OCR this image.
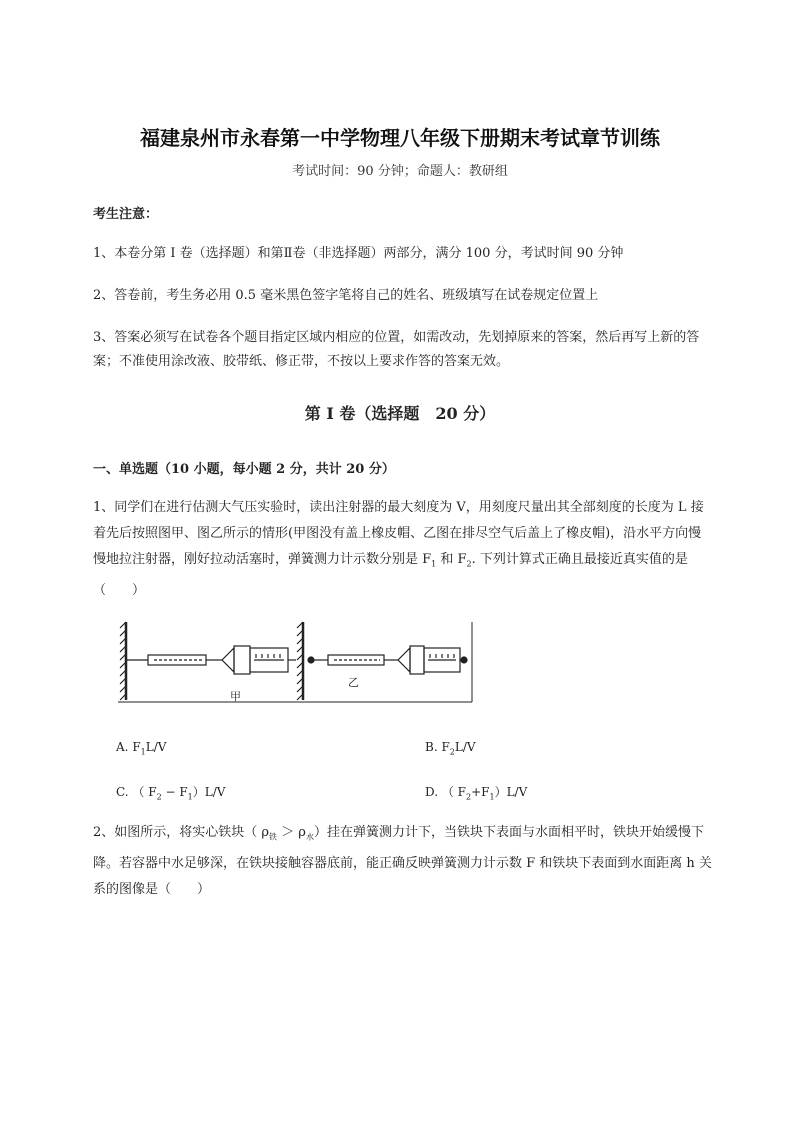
福建泉州市永春第一中学物理八年级下册期末考试章节训练
考试时间：90 分钟；命题人：教研组
考生注意：
1、本卷分第 I 卷（选择题）和第Ⅱ卷（非选择题）两部分，满分 100 分，考试时间 90 分钟
2、答卷前，考生务必用 0.5 毫米黑色签字笔将自己的姓名、班级填写在试卷规定位置上
3、答案必须写在试卷各个题目指定区域内相应的位置，如需改动，先划掉原来的答案，然后再写上新的答案；不准使用涂改液、胶带纸、修正带，不按以上要求作答的答案无效。
第 I 卷（选择题　20 分）
一、单选题（10 小题，每小题 2 分，共计 20 分）
1、同学们在进行估测大气压实验时，读出注射器的最大刻度为 V，用刻度尺量出其全部刻度的长度为 L 接着先后按照图甲、图乙所示的情形(甲图没有盖上橡皮帽、乙图在排尽空气后盖上了橡皮帽)，沿水平方向慢慢地拉注射器，刚好拉动活塞时，弹簧测力计示数分别是 $F_1$ 和 $F_2$. 下列计算式正确且最接近真实值的是（　　）
甲
乙
A. $F_1L/V$	B. $F_2L/V$
C. （ $F_2 - F_1)L/V$	D. （ $F_2+F_1)L/V$
2、如图所示，将实心铁块（ $\rho_铁 > \rho_水$）挂在弹簧测力计下，当铁块下表面与水面相平时，铁块开始缓慢下降。若容器中水足够深，在铁块接触容器底前，能正确反映弹簧测力计示数 F 和铁块下表面到水面距离 h 关系的图像是（　　）
